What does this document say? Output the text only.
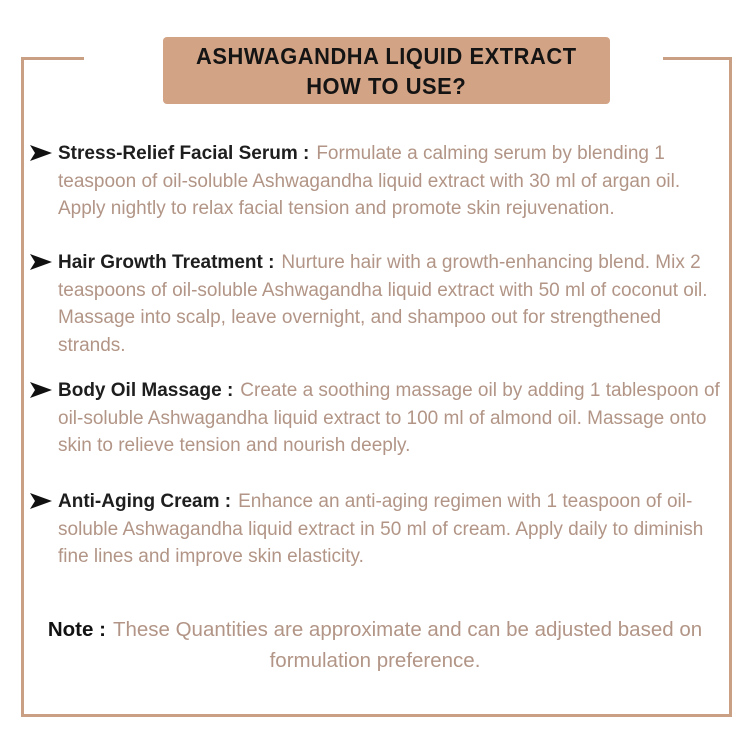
ASHWAGANDHA LIQUID EXTRACT
HOW TO USE?
Stress-Relief Facial Serum : Formulate a calming serum by blending 1 teaspoon of oil-soluble Ashwagandha liquid extract with 30 ml of argan oil. Apply nightly to relax facial tension and promote skin rejuvenation.
Hair Growth Treatment : Nurture hair with a growth-enhancing blend. Mix 2 teaspoons of oil-soluble Ashwagandha liquid extract with 50 ml of coconut oil. Massage into scalp, leave overnight, and shampoo out for strengthened strands.
Body Oil Massage : Create a soothing massage oil by adding 1 tablespoon of oil-soluble Ashwagandha liquid extract to 100 ml of almond oil. Massage onto skin to relieve tension and nourish deeply.
Anti-Aging Cream : Enhance an anti-aging regimen with 1 teaspoon of oil-soluble Ashwagandha liquid extract in 50 ml of cream. Apply daily to diminish fine lines and improve skin elasticity.
Note : These Quantities are approximate and can be adjusted based on formulation preference.
